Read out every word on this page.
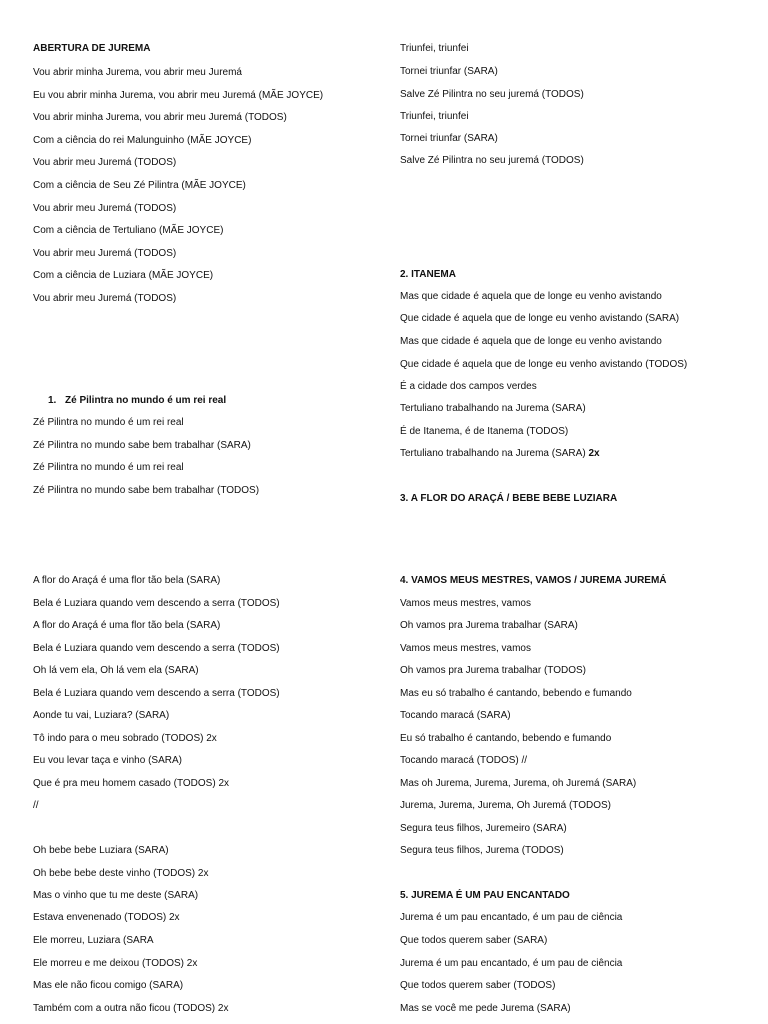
ABERTURA DE JUREMA
Vou abrir minha Jurema, vou abrir meu Juremá
Eu vou abrir minha Jurema, vou abrir meu Juremá (MÃE JOYCE)
Vou abrir minha Jurema, vou abrir meu Juremá (TODOS)
Com a ciência do rei Malunguinho (MÃE JOYCE)
Vou abrir meu Juremá (TODOS)
Com a ciência de Seu Zé Pilintra (MÃE JOYCE)
Vou abrir meu Juremá (TODOS)
Com a ciência de Tertuliano (MÃE JOYCE)
Vou abrir meu Juremá (TODOS)
Com a ciência de Luziara (MÃE JOYCE)
Vou abrir meu Juremá (TODOS)
1. Zé Pilintra no mundo é um rei real
Zé Pilintra no mundo é um rei real
Zé Pilintra no mundo sabe bem trabalhar (SARA)
Zé Pilintra no mundo é um rei real
Zé Pilintra no mundo sabe bem trabalhar (TODOS)
A flor do Araçá é uma flor tão bela (SARA)
Bela é Luziara quando vem descendo a serra (TODOS)
A flor do Araçá é uma flor tão bela (SARA)
Bela é Luziara quando vem descendo a serra (TODOS)
Oh lá vem ela, Oh lá vem ela (SARA)
Bela é Luziara quando vem descendo a serra (TODOS)
Aonde tu vai, Luziara? (SARA)
Tô indo para o meu sobrado (TODOS) 2x
Eu vou levar taça e vinho (SARA)
Que é pra meu homem casado (TODOS) 2x
//
Oh bebe bebe Luziara (SARA)
Oh bebe bebe deste vinho (TODOS) 2x
Mas o vinho que tu me deste (SARA)
Estava envenenado (TODOS) 2x
Ele morreu, Luziara (SARA
Ele morreu e me deixou (TODOS) 2x
Mas ele não ficou comigo (SARA)
Também com a outra não ficou (TODOS) 2x
Triunfei, triunfei
Tornei triunfar (SARA)
Salve Zé Pilintra no seu juremá (TODOS)
Triunfei, triunfei
Tornei triunfar (SARA)
Salve Zé Pilintra no seu juremá (TODOS)
2. ITANEMA
Mas que cidade é aquela que de longe eu venho avistando
Que cidade é aquela que de longe eu venho avistando (SARA)
Mas que cidade é aquela que de longe eu venho avistando
Que cidade é aquela que de longe eu venho avistando (TODOS)
É a cidade dos campos verdes
Tertuliano trabalhando na Jurema (SARA)
É de Itanema, é de Itanema (TODOS)
Tertuliano trabalhando na Jurema (SARA) 2x
3. A FLOR DO ARAÇÁ / BEBE BEBE LUZIARA
4. VAMOS MEUS MESTRES, VAMOS / JUREMA JUREMÁ
Vamos meus mestres, vamos
Oh vamos pra Jurema trabalhar (SARA)
Vamos meus mestres, vamos
Oh vamos pra Jurema trabalhar (TODOS)
Mas eu só trabalho é cantando, bebendo e fumando
Tocando maracá (SARA)
Eu só trabalho é cantando, bebendo e fumando
Tocando maracá (TODOS) //
Mas oh Jurema, Jurema, Jurema, oh Juremá (SARA)
Jurema, Jurema, Jurema, Oh Juremá (TODOS)
Segura teus filhos, Juremeiro (SARA)
Segura teus filhos, Jurema (TODOS)
5. JUREMA É UM PAU ENCANTADO
Jurema é um pau encantado, é um pau de ciência
Que todos querem saber (SARA)
Jurema é um pau encantado, é um pau de ciência
Que todos querem saber (TODOS)
Mas se você me pede Jurema (SARA)
